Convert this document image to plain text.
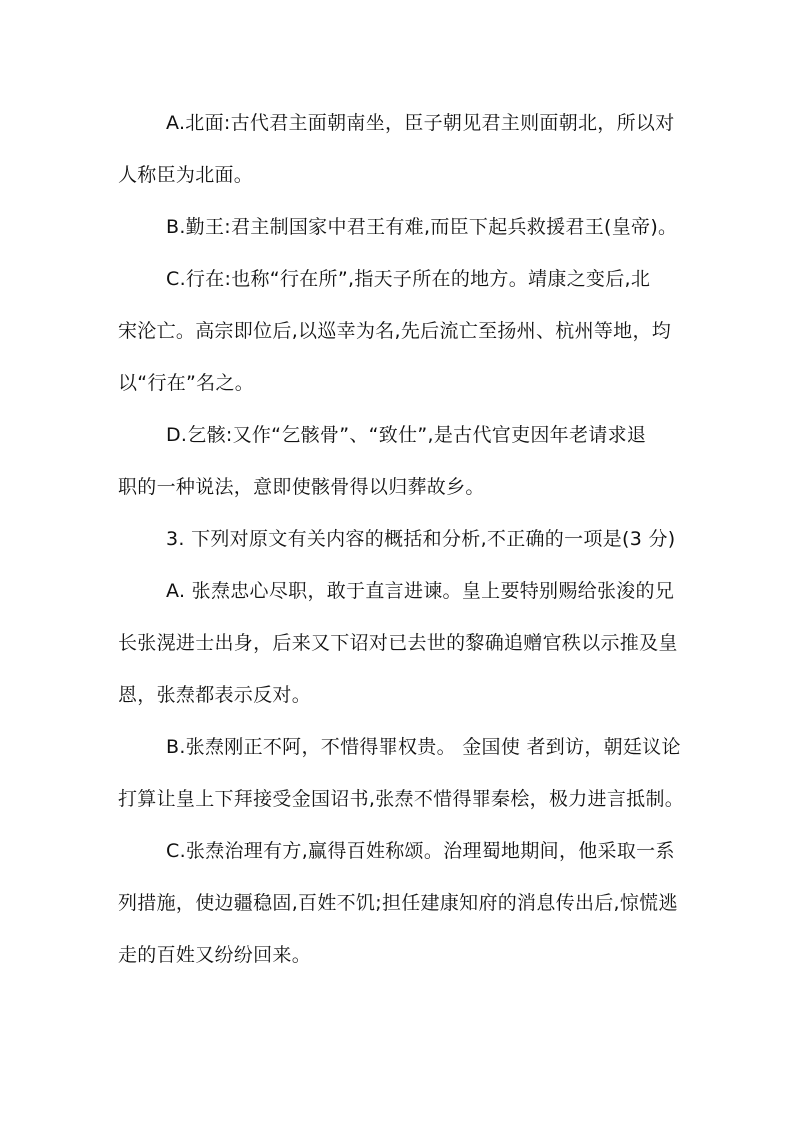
A.北面:古代君主面朝南坐，臣子朝见君主则面朝北，所以对
人称臣为北面。
B.勤王:君主制国家中君王有难,而臣下起兵救援君王(皇帝)。
C.行在:也称“行在所”,指天子所在的地方。靖康之变后,北
宋沦亡。高宗即位后,以巡幸为名,先后流亡至扬州、杭州等地，均
以“行在”名之。
D.乞骸:又作“乞骸骨”、“致仕”,是古代官吏因年老请求退
职的一种说法，意即使骸骨得以归葬故乡。
3. 下列对原文有关内容的概括和分析,不正确的一项是(3 分)
A. 张焘忠心尽职，敢于直言进谏。皇上要特别赐给张浚的兄
长张滉进士出身，后来又下诏对已去世的黎确追赠官秩以示推及皇
恩，张焘都表示反对。
B.张焘刚正不阿，不惜得罪权贵。 金国使 者到访，朝廷议论
打算让皇上下拜接受金国诏书,张焘不惜得罪秦桧，极力进言抵制。
C.张焘治理有方,赢得百姓称颂。治理蜀地期间，他采取一系
列措施，使边疆稳固,百姓不饥;担任建康知府的消息传出后,惊慌逃
走的百姓又纷纷回来。
